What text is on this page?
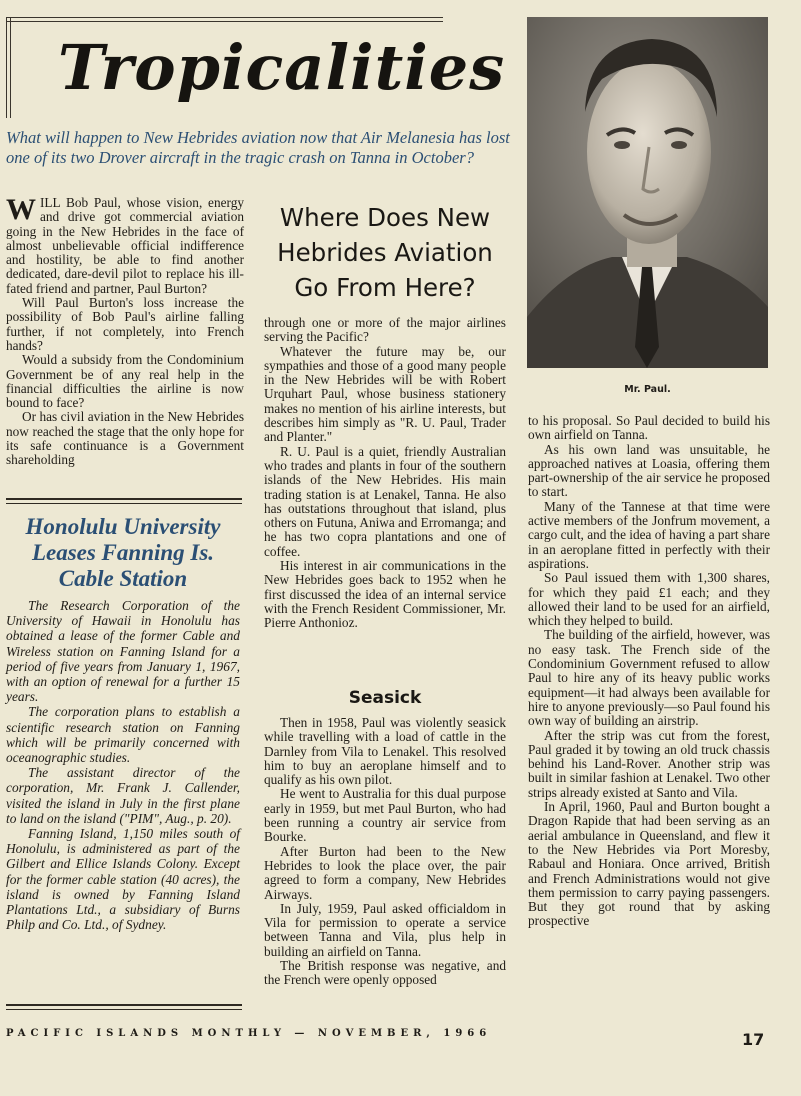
Tropicalities
What will happen to New Hebrides aviation now that Air Melanesia has lost one of its two Drover aircraft in the tragic crash on Tanna in October?
W ILL Bob Paul, whose vision, energy and drive got commercial aviation going in the New Hebrides in the face of almost unbelievable official indifference and hostility, be able to find another dedicated, dare-devil pilot to replace his ill-fated friend and partner, Paul Burton?

Will Paul Burton's loss increase the possibility of Bob Paul's airline falling further, if not completely, into French hands?

Would a subsidy from the Condominium Government be of any real help in the financial difficulties the airline is now bound to face?

Or has civil aviation in the New Hebrides now reached the stage that the only hope for its safe continuance is a Government shareholding

Honolulu University Leases Fanning Is. Cable Station

The Research Corporation of the University of Hawaii in Honolulu has obtained a lease of the former Cable and Wireless station on Fanning Island for a period of five years from January 1, 1967, with an option of renewal for a further 15 years.

The corporation plans to establish a scientific research station on Fanning which will be primarily concerned with oceanographic studies.

The assistant director of the corporation, Mr. Frank J. Callender, visited the island in July in the first plane to land on the island ("PIM", Aug., p. 20).

Fanning Island, 1,150 miles south of Honolulu, is administered as part of the Gilbert and Ellice Islands Colony. Except for the former cable station (40 acres), the island is owned by Fanning Island Plantations Ltd., a subsidiary of Burns Philp and Co. Ltd., of Sydney.

Where Does New Hebrides Aviation Go From Here?

through one or more of the major airlines serving the Pacific?

Whatever the future may be, our sympathies and those of a good many people in the New Hebrides will be with Robert Urquhart Paul, whose business stationery makes no mention of his airline interests, but describes him simply as "R. U. Paul, Trader and Planter."

R. U. Paul is a quiet, friendly Australian who trades and plants in four of the southern islands of the New Hebrides. His main trading station is at Lenakel, Tanna. He also has outstations throughout that island, plus others on Futuna, Aniwa and Erromanga; and he has two copra plantations and one of coffee.

His interest in air communications in the New Hebrides goes back to 1952 when he first discussed the idea of an internal service with the French Resident Commissioner, Mr. Pierre Anthonioz.

Seasick

Then in 1958, Paul was violently seasick while travelling with a load of cattle in the Darnley from Vila to Lenakel. This resolved him to buy an aeroplane himself and to qualify as his own pilot.

He went to Australia for this dual purpose early in 1959, but met Paul Burton, who had been running a country air service from Bourke.

After Burton had been to the New Hebrides to look the place over, the pair agreed to form a company, New Hebrides Airways.

In July, 1959, Paul asked officialdom in Vila for permission to operate a service between Tanna and Vila, plus help in building an airfield on Tanna.

The British response was negative, and the French were openly opposed

Mr. Paul.

to his proposal. So Paul decided to build his own airfield on Tanna.

As his own land was unsuitable, he approached natives at Loasia, offering them part-ownership of the air service he proposed to start.

Many of the Tannese at that time were active members of the Jonfrum movement, a cargo cult, and the idea of having a part share in an aeroplane fitted in perfectly with their aspirations.

So Paul issued them with 1,300 shares, for which they paid £1 each; and they allowed their land to be used for an airfield, which they helped to build.

The building of the airfield, however, was no easy task. The French side of the Condominium Government refused to allow Paul to hire any of its heavy public works equipment—it had always been available for hire to anyone previously—so Paul found his own way of building an airstrip.

After the strip was cut from the forest, Paul graded it by towing an old truck chassis behind his Land-Rover. Another strip was built in similar fashion at Lenakel. Two other strips already existed at Santo and Vila.

In April, 1960, Paul and Burton bought a Dragon Rapide that had been serving as an aerial ambulance in Queensland, and flew it to the New Hebrides via Port Moresby, Rabaul and Honiara. Once arrived, British and French Administrations would not give them permission to carry paying passengers. But they got round that by asking prospective

PACIFIC ISLANDS MONTHLY — NOVEMBER, 1966	17
